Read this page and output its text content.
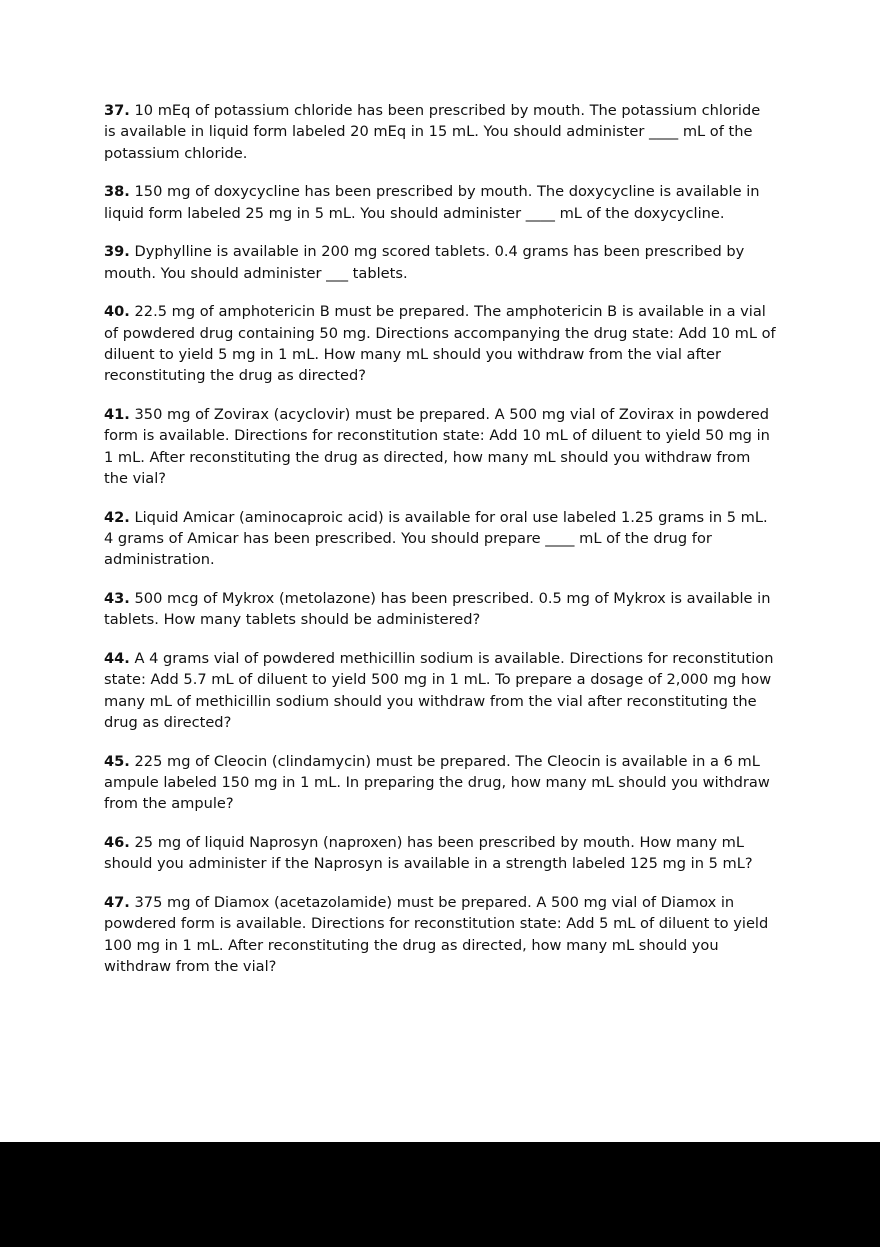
37. 10 mEq of potassium chloride has been prescribed by mouth. The potassium chloride is available in liquid form labeled 20 mEq in 15 mL. You should administer ____ mL of the potassium chloride.

38. 150 mg of doxycycline has been prescribed by mouth. The doxycycline is available in liquid form labeled 25 mg in 5 mL. You should administer ____ mL of the doxycycline.

39. Dyphylline is available in 200 mg scored tablets. 0.4 grams has been prescribed by mouth. You should administer ___ tablets.

40. 22.5 mg of amphotericin B must be prepared. The amphotericin B is available in a vial of powdered drug containing 50 mg. Directions accompanying the drug state: Add 10 mL of diluent to yield 5 mg in 1 mL. How many mL should you withdraw from the vial after reconstituting the drug as directed?

41. 350 mg of Zovirax (acyclovir) must be prepared. A 500 mg vial of Zovirax in powdered form is available. Directions for reconstitution state: Add 10 mL of diluent to yield 50 mg in 1 mL. After reconstituting the drug as directed, how many mL should you withdraw from the vial?

42. Liquid Amicar (aminocaproic acid) is available for oral use labeled 1.25 grams in 5 mL. 4 grams of Amicar has been prescribed. You should prepare ____ mL of the drug for administration.

43. 500 mcg of Mykrox (metolazone) has been prescribed. 0.5 mg of Mykrox is available in tablets. How many tablets should be administered?

44. A 4 grams vial of powdered methicillin sodium is available. Directions for reconstitution state: Add 5.7 mL of diluent to yield 500 mg in 1 mL. To prepare a dosage of 2,000 mg how many mL of methicillin sodium should you withdraw from the vial after reconstituting the drug as directed?

45. 225 mg of Cleocin (clindamycin) must be prepared. The Cleocin is available in a 6 mL ampule labeled 150 mg in 1 mL. In preparing the drug, how many mL should you withdraw from the ampule?

46. 25 mg of liquid Naprosyn (naproxen) has been prescribed by mouth. How many mL should you administer if the Naprosyn is available in a strength labeled 125 mg in 5 mL?

47. 375 mg of Diamox (acetazolamide) must be prepared. A 500 mg vial of Diamox in powdered form is available. Directions for reconstitution state: Add 5 mL of diluent to yield 100 mg in 1 mL. After reconstituting the drug as directed, how many mL should you withdraw from the vial?
